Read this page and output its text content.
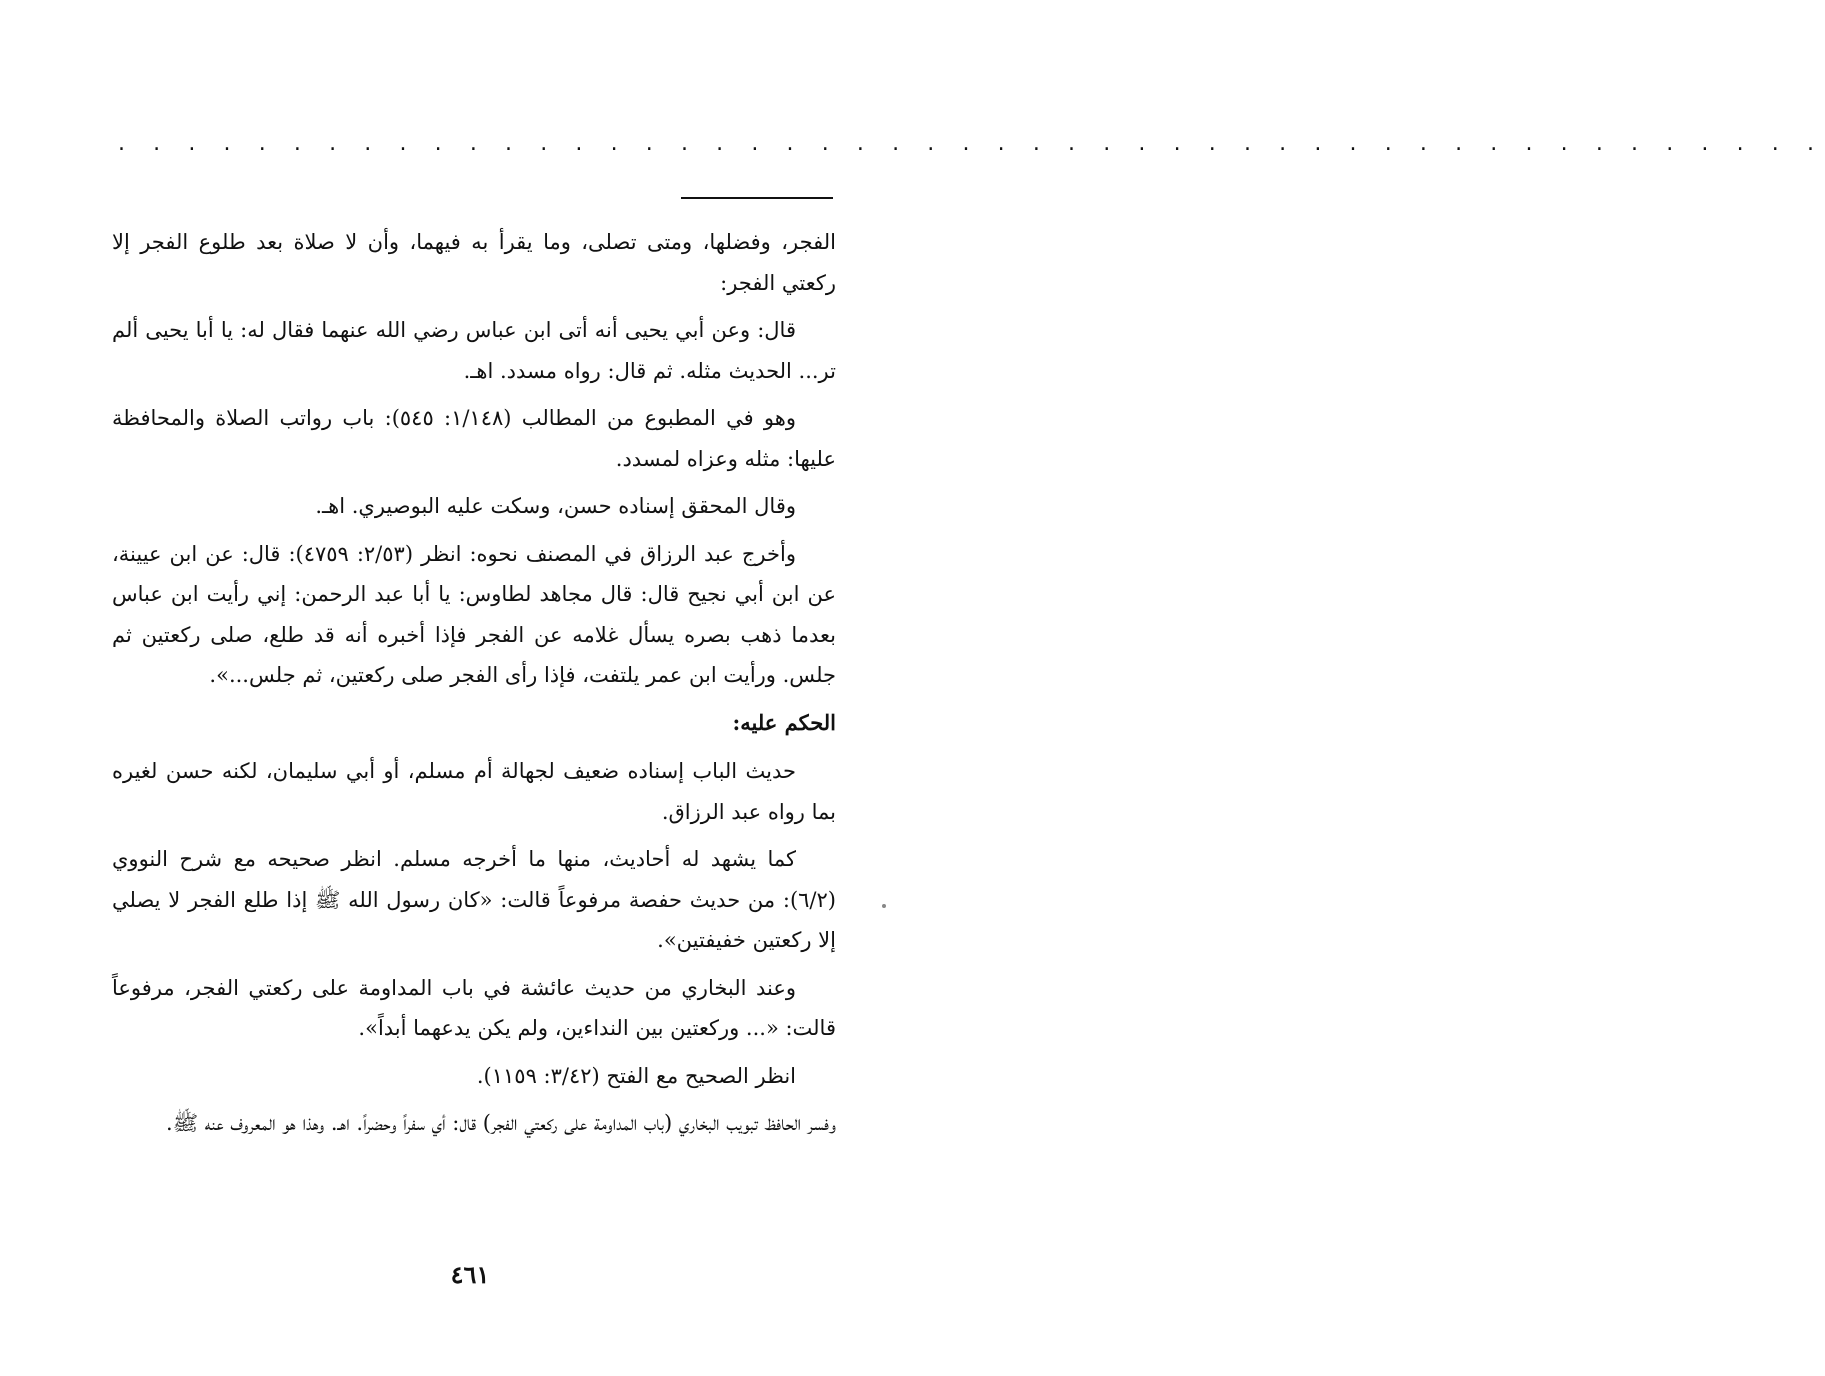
. . . . . . . . . . . . . . . . . . . . . . . . . . . . . . . . . . . . . . . . . . . . . . . . .

الفجر، وفضلها، ومتى تصلى، وما يقرأ به فيهما، وأن لا صلاة بعد طلوع الفجر إلا ركعتي الفجر:

قال: وعن أبي يحيى أنه أتى ابن عباس رضي الله عنهما فقال له: يا أبا يحيى ألم تر... الحديث مثله. ثم قال: رواه مسدد. اهـ.

وهو في المطبوع من المطالب (١/١٤٨: ٥٤٥): باب رواتب الصلاة والمحافظة عليها: مثله وعزاه لمسدد.

وقال المحقق إسناده حسن، وسكت عليه البوصيري. اهـ.

وأخرج عبد الرزاق في المصنف نحوه: انظر (٢/٥٣: ٤٧٥٩): قال: عن ابن عيينة، عن ابن أبي نجيح قال: قال مجاهد لطاوس: يا أبا عبد الرحمن: إني رأيت ابن عباس بعدما ذهب بصره يسأل غلامه عن الفجر فإذا أخبره أنه قد طلع، صلى ركعتين ثم جلس. ورأيت ابن عمر يلتفت، فإذا رأى الفجر صلى ركعتين، ثم جلس...».

الحكم عليه:

حديث الباب إسناده ضعيف لجهالة أم مسلم، أو أبي سليمان، لكنه حسن لغيره بما رواه عبد الرزاق.

كما يشهد له أحاديث، منها ما أخرجه مسلم. انظر صحيحه مع شرح النووي (٦/٢): من حديث حفصة مرفوعاً قالت: «كان رسول الله ﷺ إذا طلع الفجر لا يصلي إلا ركعتين خفيفتين».

وعند البخاري من حديث عائشة في باب المداومة على ركعتي الفجر، مرفوعاً قالت: «... وركعتين بين النداءين، ولم يكن يدعهما أبداً».

انظر الصحيح مع الفتح (٣/٤٢: ١١٥٩).

وفسر الحافظ تبويب البخاري (باب المداومة على ركعتي الفجر) قال: أي سفراً وحضراً. اهـ. وهذا هو المعروف عنه ﷺ.

٤٦١
